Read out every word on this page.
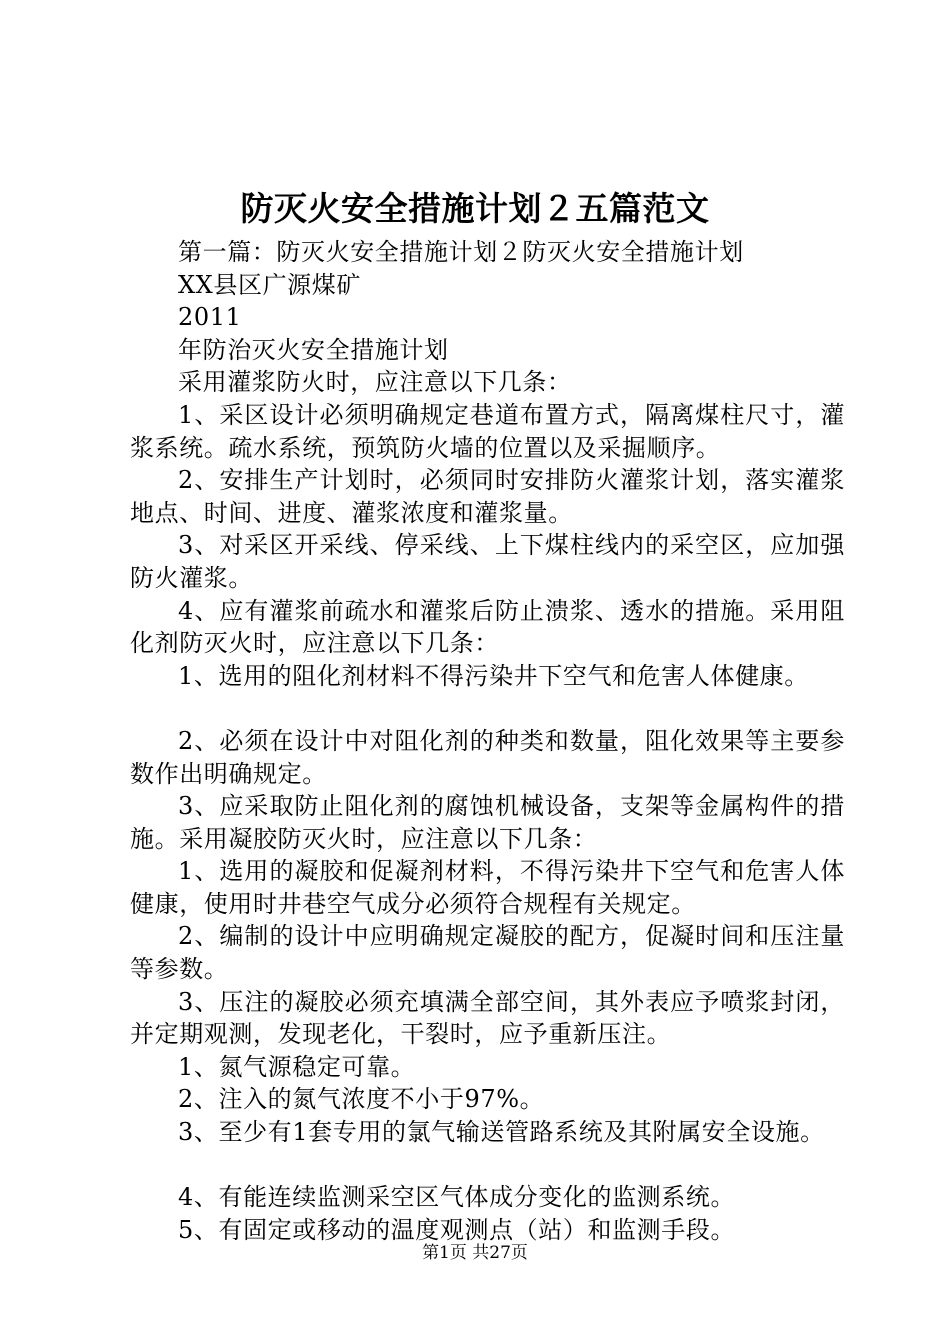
防灭火安全措施计划２五篇范文

第一篇：防灭火安全措施计划２防灭火安全措施计划

XX县区广源煤矿

2011

年防治灭火安全措施计划

采用灌浆防火时，应注意以下几条：

1、采区设计必须明确规定巷道布置方式，隔离煤柱尺寸，灌浆系统。疏水系统，预筑防火墙的位置以及采掘顺序。

2、安排生产计划时，必须同时安排防火灌浆计划，落实灌浆地点、时间、进度、灌浆浓度和灌浆量。

3、对采区开采线、停采线、上下煤柱线内的采空区，应加强防火灌浆。

4、应有灌浆前疏水和灌浆后防止溃浆、透水的措施。采用阻化剂防灭火时，应注意以下几条：

1、选用的阻化剂材料不得污染井下空气和危害人体健康。

2、必须在设计中对阻化剂的种类和数量，阻化效果等主要参数作出明确规定。

3、应采取防止阻化剂的腐蚀机械设备，支架等金属构件的措施。采用凝胶防灭火时，应注意以下几条：

1、选用的凝胶和促凝剂材料，不得污染井下空气和危害人体健康，使用时井巷空气成分必须符合规程有关规定。

2、编制的设计中应明确规定凝胶的配方，促凝时间和压注量等参数。

3、压注的凝胶必须充填满全部空间，其外表应予喷浆封闭，并定期观测，发现老化，干裂时，应予重新压注。

1、氮气源稳定可靠。

2、注入的氮气浓度不小于97%。

3、至少有1套专用的氯气输送管路系统及其附属安全设施。

4、有能连续监测采空区气体成分变化的监测系统。

5、有固定或移动的温度观测点（站）和监测手段。

第1页 共27页
